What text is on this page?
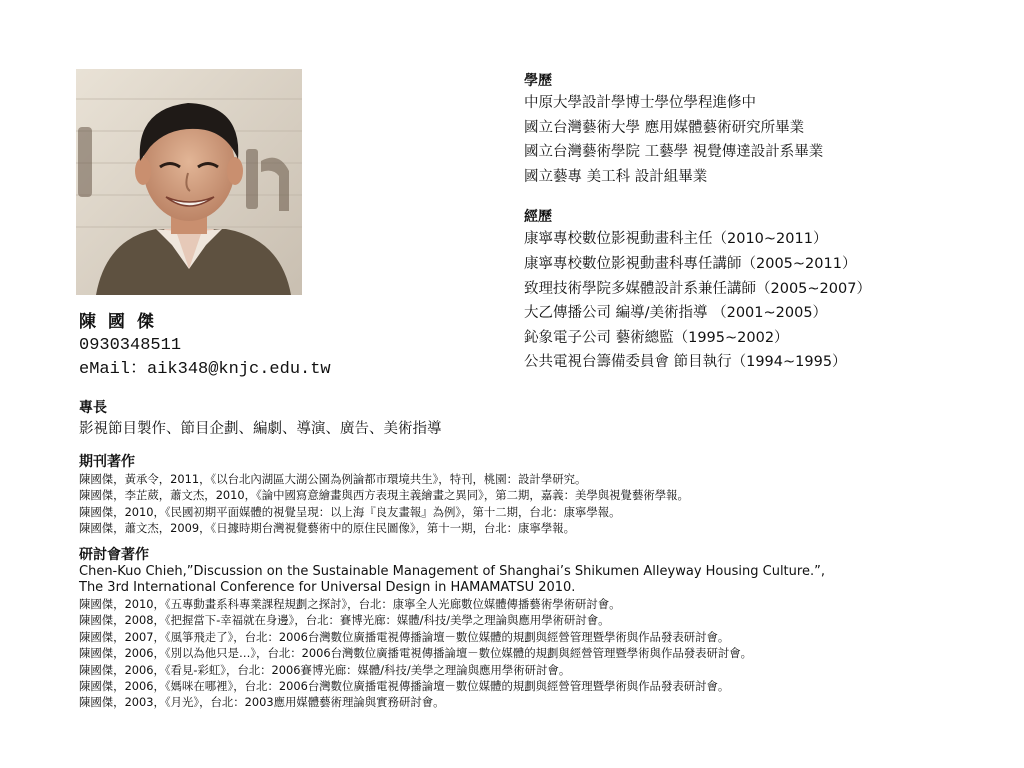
陳 國 傑
0930348511
eMail：aik348@knjc.edu.tw
學歷
中原大學設計學博士學位學程進修中
國立台灣藝術大學 應用媒體藝術研究所畢業
國立台灣藝術學院 工藝學 視覺傳達設計系畢業
國立藝專 美工科 設計組畢業
經歷
康寧專校數位影視動畫科主任（2010~2011）
康寧專校數位影視動畫科專任講師（2005~2011）
致理技術學院多媒體設計系兼任講師（2005~2007）
大乙傳播公司 編導/美術指導 （2001~2005）
鈊象電子公司 藝術總監（1995~2002）
公共電視台籌備委員會 節目執行（1994~1995）
專長
影視節目製作、節目企劃、編劇、導演、廣告、美術指導
期刊著作
陳國傑，黃承令，2011，《以台北內湖區大湖公園為例論都市環境共生》，特刊，桃園：設計學研究。
陳國傑，李芷葳，蕭文杰，2010，《論中國寫意繪畫與西方表現主義繪畫之異同》，第二期，嘉義：美學與視覺藝術學報。
陳國傑，2010，《民國初期平面媒體的視覺呈現：以上海『良友畫報』為例》，第十二期，台北：康寧學報。
陳國傑，蕭文杰，2009，《日據時期台灣視覺藝術中的原住民圖像》，第十一期，台北：康寧學報。
研討會著作
Chen-Kuo Chieh,”Discussion on the Sustainable Management of Shanghai’s Shikumen Alleyway Housing Culture.”,
The 3rd International Conference for Universal Design in HAMAMATSU 2010.
陳國傑，2010，《五專動畫系科專業課程規劃之探討》，台北：康寧全人光廊數位媒體傳播藝術學術研討會。
陳國傑，2008，《把握當下-幸福就在身邊》，台北：賽博光廊：媒體/科技/美學之理論與應用學術研討會。
陳國傑，2007，《風箏飛走了》，台北：2006台灣數位廣播電視傳播論壇－數位媒體的規劃與經營管理暨學術與作品發表研討會。
陳國傑，2006，《別以為他只是…》，台北：2006台灣數位廣播電視傳播論壇－數位媒體的規劃與經營管理暨學術與作品發表研討會。
陳國傑，2006，《看見-彩虹》，台北：2006賽博光廊：媒體/科技/美學之理論與應用學術研討會。
陳國傑，2006，《媽咪在哪裡》，台北：2006台灣數位廣播電視傳播論壇－數位媒體的規劃與經營管理暨學術與作品發表研討會。
陳國傑，2003，《月光》，台北：2003應用媒體藝術理論與實務研討會。
